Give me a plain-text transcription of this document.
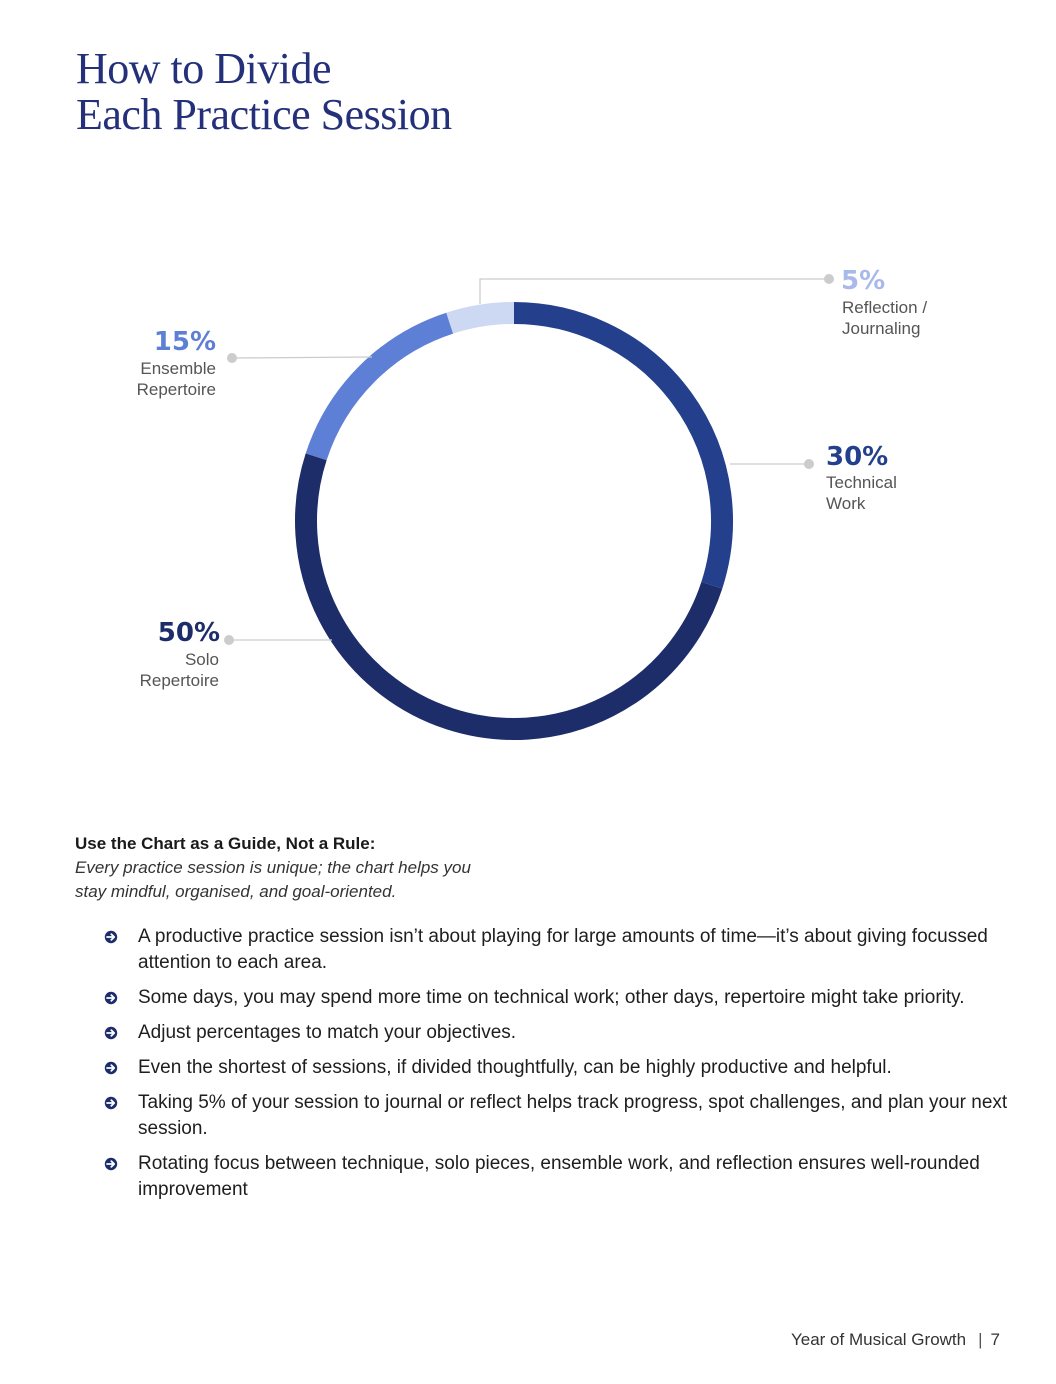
How to Divide
Each Practice Session
30%
Technical
Work
50%
Solo
Repertoire
15%
Ensemble
Repertoire
5%
Reflection /
Journaling
Use the Chart as a Guide, Not a Rule:
Every practice session is unique; the chart helps you
stay mindful, organised, and goal-oriented.
A productive practice session isn’t about playing for large amounts of time—it’s about giving focussed attention to each area.
Some days, you may spend more time on technical work; other days, repertoire might take priority.
Adjust percentages to match your objectives.
Even the shortest of sessions, if divided thoughtfully, can be highly productive and helpful.
Taking 5% of your session to journal or reflect helps track progress, spot challenges, and plan your next session.
Rotating focus between technique, solo pieces, ensemble work, and reflection ensures well-rounded improvement
Year of Musical Growth | 7
